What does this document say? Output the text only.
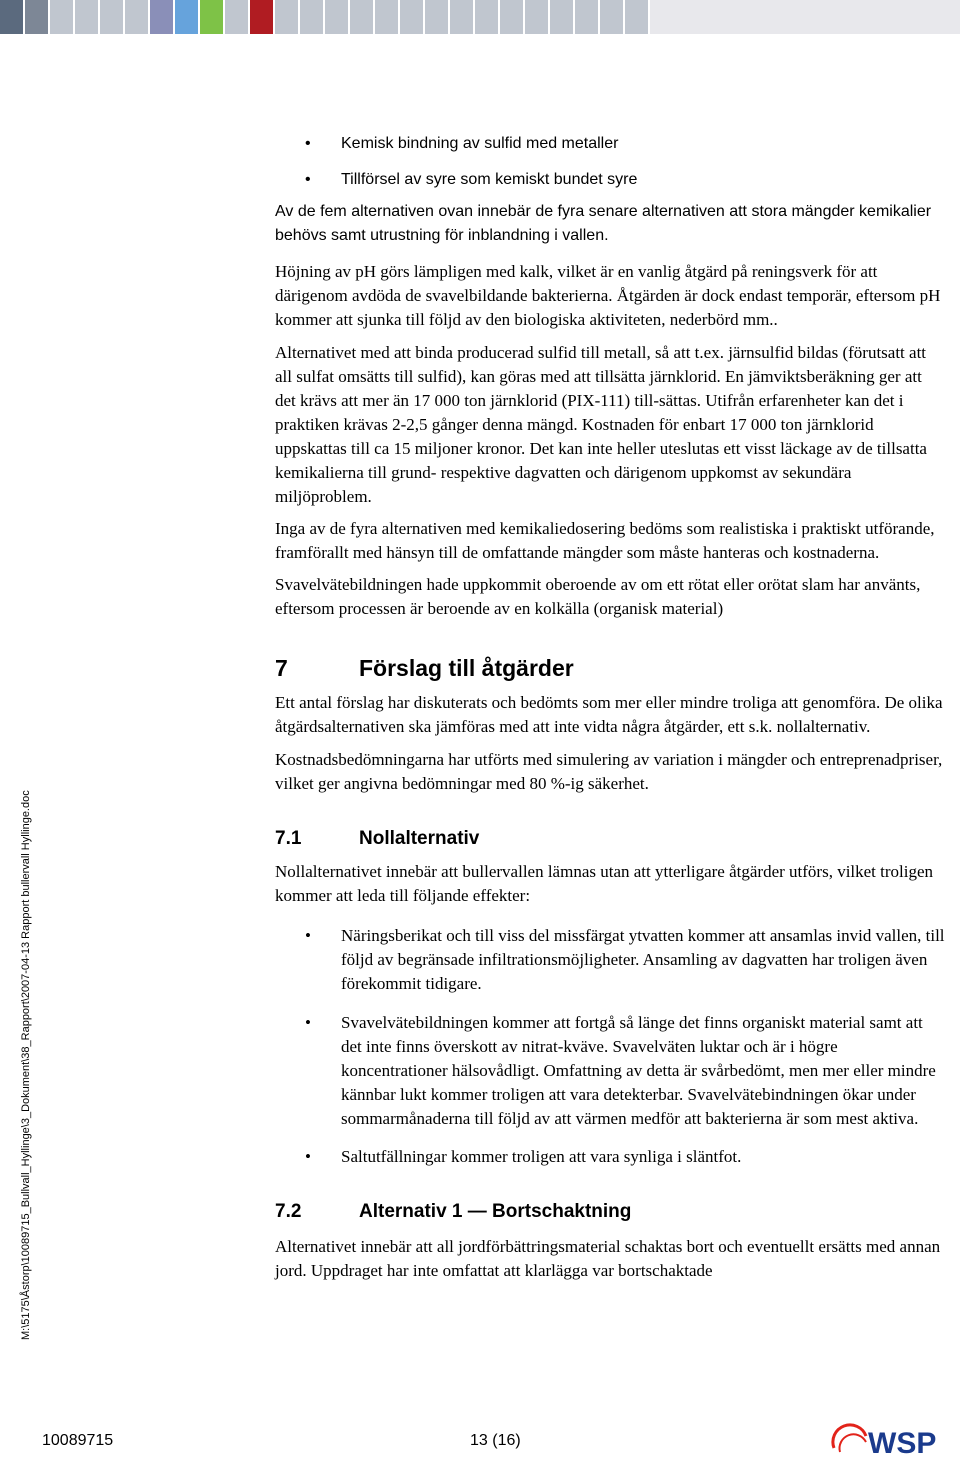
M:\5175\Åstorp\10089715_Bullvall_Hyllinge\3_Dokument\38_Rapport\2007-04-13 Rapport bullervall Hyllinge.doc
• Kemisk bindning av sulfid med metaller
• Tillförsel av syre som kemiskt bundet syre

Av de fem alternativen ovan innebär de fyra senare alternativen att stora mängder kemikalier behövs samt utrustning för inblandning i vallen.

Höjning av pH görs lämpligen med kalk, vilket är en vanlig åtgärd på reningsverk för att därigenom avdöda de svavelbildande bakterierna. Åtgärden är dock endast temporär, eftersom pH kommer att sjunka till följd av den biologiska aktiviteten, nederbörd mm..

Alternativet med att binda producerad sulfid till metall, så att t.ex. järnsulfid bildas (förutsatt att all sulfat omsätts till sulfid), kan göras med att tillsätta järnklorid. En jämviktsberäkning ger att det krävs att mer än 17 000 ton järnklorid (PIX-111) till-sättas. Utifrån erfarenheter kan det i praktiken krävas 2-2,5 gånger denna mängd. Kostnaden för enbart 17 000 ton järnklorid uppskattas till ca 15 miljoner kronor. Det kan inte heller uteslutas ett visst läckage av de tillsatta kemikalierna till grund- respektive dagvatten och därigenom uppkomst av sekundära miljöproblem.

Inga av de fyra alternativen med kemikaliedosering bedöms som realistiska i praktiskt utförande, framförallt med hänsyn till de omfattande mängder som måste hanteras och kostnaderna.

Svavelvätebildningen hade uppkommit oberoende av om ett rötat eller orötat slam har använts, eftersom processen är beroende av en kolkälla (organisk material)

7	Förslag till åtgärder

Ett antal förslag har diskuterats och bedömts som mer eller mindre troliga att genomföra. De olika åtgärdsalternativen ska jämföras med att inte vidta några åtgärder, ett s.k. nollalternativ.

Kostnadsbedömningarna har utförts med simulering av variation i mängder och entreprenadpriser, vilket ger angivna bedömningar med 80 %-ig säkerhet.

7.1	Nollalternativ

Nollalternativet innebär att bullervallen lämnas utan att ytterligare åtgärder utförs, vilket troligen kommer att leda till följande effekter:

• Näringsberikat och till viss del missfärgat ytvatten kommer att ansamlas invid vallen, till följd av begränsade infiltrationsmöjligheter. Ansamling av dagvatten har troligen även förekommit tidigare.
• Svavelvätebildningen kommer att fortgå så länge det finns organiskt material samt att det inte finns överskott av nitrat-kväve. Svavelväten luktar och är i högre koncentrationer hälsovådligt. Omfattning av detta är svårbedömt, men mer eller mindre kännbar lukt kommer troligen att vara detekterbar. Svavelvätebindningen ökar under sommarmånaderna till följd av att värmen medför att bakterierna är som mest aktiva.
• Saltutfällningar kommer troligen att vara synliga i släntfot.
7.2	Alternativ 1 — Bortschaktning

Alternativet innebär att all jordförbättringsmaterial schaktas bort och eventuellt ersätts med annan jord. Uppdraget har inte omfattat att klarlägga var bortschaktade

10089715	13 (16)	WSP
